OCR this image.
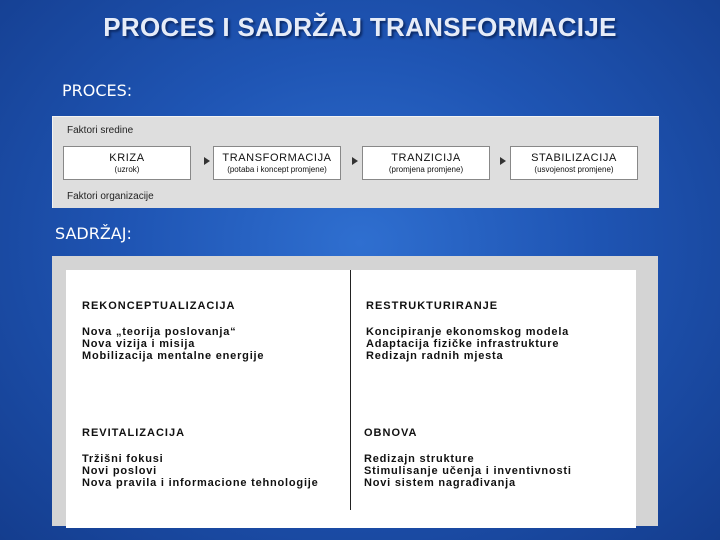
PROCES I SADRŽAJ TRANSFORMACIJE
PROCES:
Faktori sredine
KRIZA
(uzrok)
TRANSFORMACIJA
(potaba i koncept promjene)
TRANZICIJA
(promjena promjene)
STABILIZACIJA
(usvojenost promjene)
Faktori organizacije
SADRŽAJ:
REKONCEPTUALIZACIJA
Nova „teorija poslovanja“
Nova vizija i misija
Mobilizacija mentalne energije
RESTRUKTURIRANJE
Koncipiranje ekonomskog modela
Adaptacija fizičke infrastrukture
Redizajn radnih mjesta
REVITALIZACIJA
Tržišni fokusi
Novi poslovi
Nova pravila i informacione tehnologije
OBNOVA
Redizajn strukture
Stimulisanje učenja i inventivnosti
Novi sistem nagrađivanja
